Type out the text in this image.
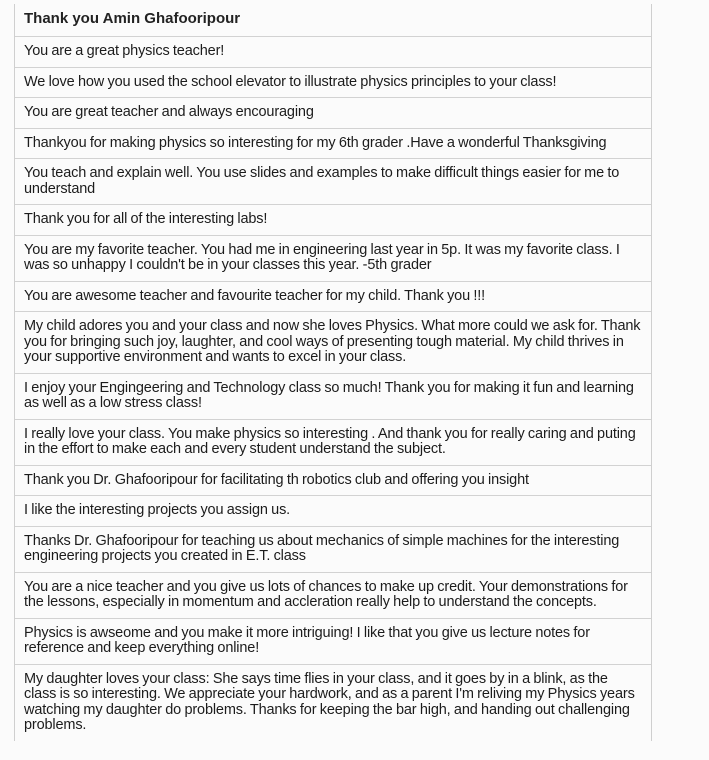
Thank you Amin Ghafooripour
You are a great physics teacher!
We love how you used the school elevator to illustrate physics principles to your class!
You are great teacher and always encouraging
Thankyou for making physics so interesting for my 6th grader .Have a wonderful Thanksgiving
You teach and explain well. You use slides and examples to make difficult things easier for me to understand
Thank you for all of the interesting labs!
You are my favorite teacher. You had me in engineering last year in 5p. It was my favorite class. I was so unhappy I couldn't be in your classes this year. -5th grader
You are awesome teacher and favourite teacher for my child. Thank you !!!
My child adores you and your class and now she loves Physics. What more could we ask for. Thank you for bringing such joy, laughter, and cool ways of presenting tough material. My child thrives in your supportive environment and wants to excel in your class.
I enjoy your Engingeering and Technology class so much! Thank you for making it fun and learning as well as a low stress class!
I really love your class. You make physics so interesting . And thank you for really caring and puting in the effort to make each and every student understand the subject.
Thank you Dr. Ghafooripour for facilitating th robotics club and offering you insight
I like the interesting projects you assign us.
Thanks Dr. Ghafooripour for teaching us about mechanics of simple machines for the interesting engineering projects you created in E.T. class
You are a nice teacher and you give us lots of chances to make up credit. Your demonstrations for the lessons, especially in momentum and accleration really help to understand the concepts.
Physics is awseome and you make it more intriguing! I like that you give us lecture notes for reference and keep everything online!
My daughter loves your class: She says time flies in your class, and it goes by in a blink, as the class is so interesting. We appreciate your hardwork, and as a parent I'm reliving my Physics years watching my daughter do problems. Thanks for keeping the bar high, and handing out challenging problems.
